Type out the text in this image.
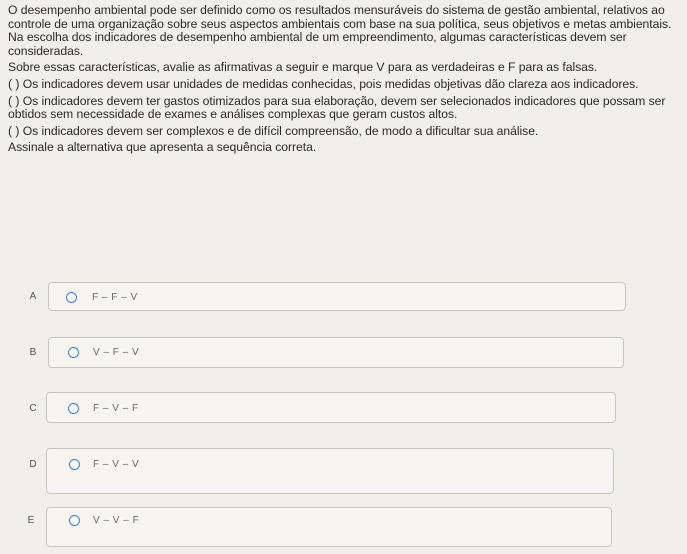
O desempenho ambiental pode ser definido como os resultados mensuráveis do sistema de gestão ambiental, relativos ao controle de uma organização sobre seus aspectos ambientais com base na sua política, seus objetivos e metas ambientais. Na escolha dos indicadores de desempenho ambiental de um empreendimento, algumas características devem ser consideradas.

Sobre essas características, avalie as afirmativas a seguir e marque V para as verdadeiras e F para as falsas.

( ) Os indicadores devem usar unidades de medidas conhecidas, pois medidas objetivas dão clareza aos indicadores.

( ) Os indicadores devem ter gastos otimizados para sua elaboração, devem ser selecionados indicadores que possam ser obtidos sem necessidade de exames e análises complexas que geram custos altos.

( ) Os indicadores devem ser complexos e de difícil compreensão, de modo a dificultar sua análise.

Assinale a alternativa que apresenta a sequência correta.

A	F – F – V
B	V – F – V
C	F – V – F
D	F – V – V
E	V – V – F
